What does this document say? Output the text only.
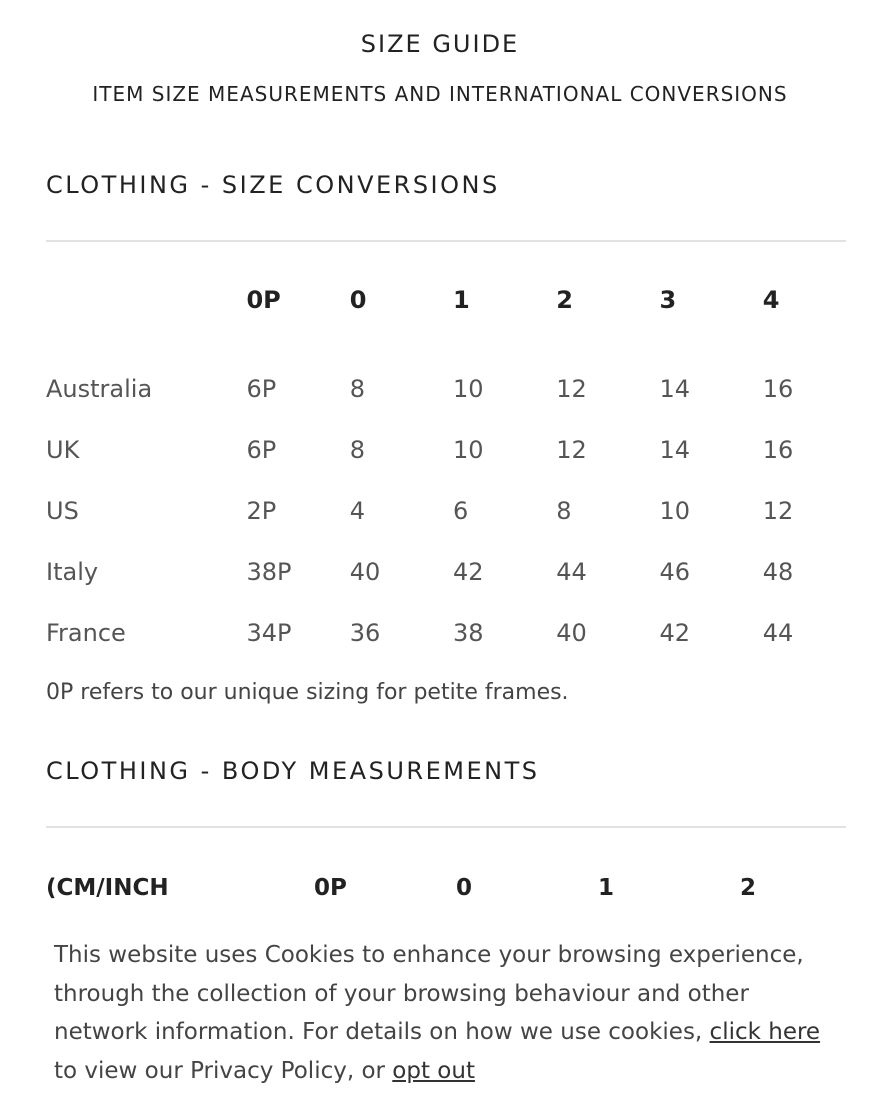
SIZE GUIDE
ITEM SIZE MEASUREMENTS AND INTERNATIONAL CONVERSIONS
CLOTHING - SIZE CONVERSIONS
	0P	0	1	2	3	4

Australia	6P	8	10	12	14	16
UK	6P	8	10	12	14	16
US	2P	4	6	8	10	12
Italy	38P	40	42	44	46	48
France	34P	36	38	40	42	44
0P refers to our unique sizing for petite frames.
CLOTHING - BODY MEASUREMENTS
(CM/INCH	0P	0	1	2
This website uses Cookies to enhance your browsing experience, through the collection of your browsing behaviour and other network information. For details on how we use cookies, click here to view our Privacy Policy, or opt out
